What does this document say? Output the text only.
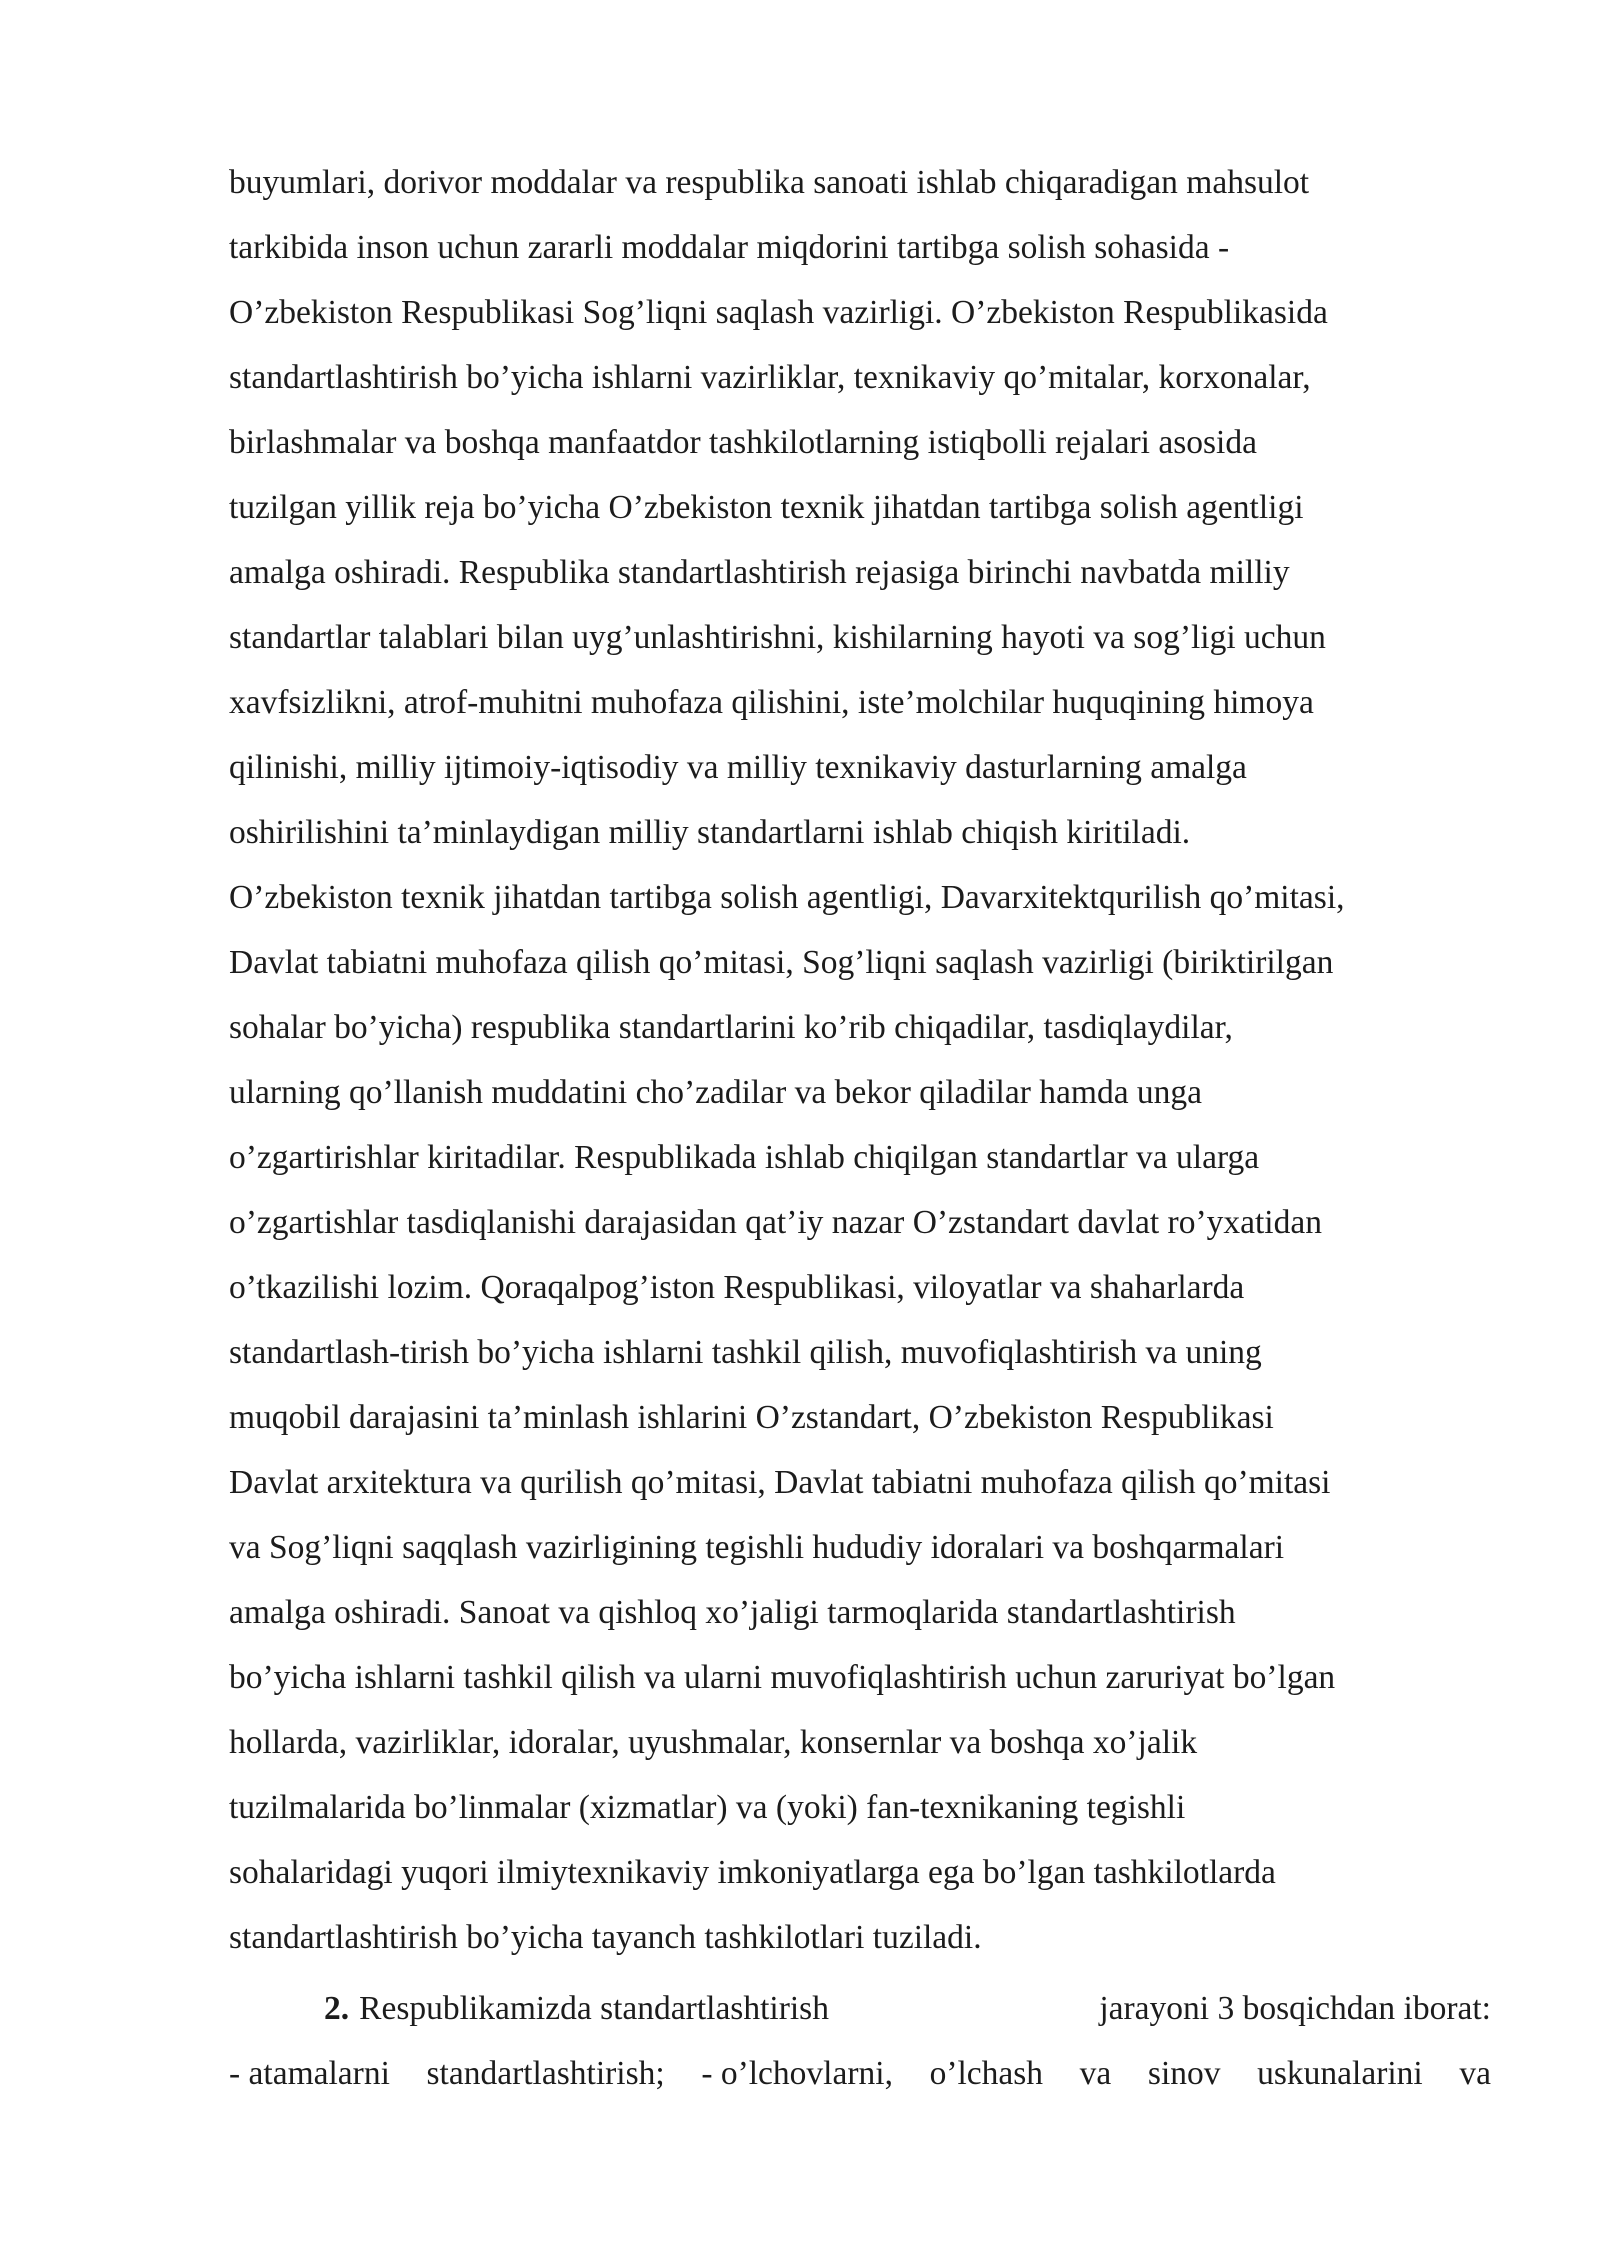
buyumlari, dorivor moddalar va respublika sanoati ishlab chiqaradigan mahsulot
tarkibida inson uchun zararli moddalar miqdorini tartibga solish sohasida -
O’zbekiston Respublikasi Sog’liqni saqlash vazirligi. O’zbekiston Respublikasida
standartlashtirish bo’yicha ishlarni vazirliklar, texnikaviy qo’mitalar, korxonalar,
birlashmalar va boshqa manfaatdor tashkilotlarning istiqbolli rejalari asosida
tuzilgan yillik reja bo’yicha O’zbekiston texnik jihatdan tartibga solish agentligi
amalga oshiradi. Respublika standartlashtirish rejasiga birinchi navbatda milliy
standartlar talablari bilan uyg’unlashtirishni, kishilarning hayoti va sog’ligi uchun
xavfsizlikni, atrof-muhitni muhofaza qilishini, iste’molchilar huquqining himoya
qilinishi, milliy ijtimoiy-iqtisodiy va milliy texnikaviy dasturlarning amalga
oshirilishini ta’minlaydigan milliy standartlarni ishlab chiqish kiritiladi.
O’zbekiston texnik jihatdan tartibga solish agentligi, Davarxitektqurilish qo’mitasi,
Davlat tabiatni muhofaza qilish qo’mitasi, Sog’liqni saqlash vazirligi (biriktirilgan
sohalar bo’yicha) respublika standartlarini ko’rib chiqadilar, tasdiqlaydilar,
ularning qo’llanish muddatini cho’zadilar va bekor qiladilar hamda unga
o’zgartirishlar kiritadilar. Respublikada ishlab chiqilgan standartlar va ularga
o’zgartishlar tasdiqlanishi darajasidan qat’iy nazar O’zstandart davlat ro’yxatidan
o’tkazilishi lozim. Qoraqalpog’iston Respublikasi, viloyatlar va shaharlarda
standartlash-tirish bo’yicha ishlarni tashkil qilish, muvofiqlashtirish va uning
muqobil darajasini ta’minlash ishlarini O’zstandart, O’zbekiston Respublikasi
Davlat arxitektura va qurilish qo’mitasi, Davlat tabiatni muhofaza qilish qo’mitasi
va Sog’liqni saqqlash vazirligining tegishli hududiy idoralari va boshqarmalari
amalga oshiradi. Sanoat va qishloq xo’jaligi tarmoqlarida standartlashtirish
bo’yicha ishlarni tashkil qilish va ularni muvofiqlashtirish uchun zaruriyat bo’lgan
hollarda, vazirliklar, idoralar, uyushmalar, konsernlar va boshqa xo’jalik
tuzilmalarida bo’linmalar (xizmatlar) va (yoki) fan-texnikaning tegishli
sohalaridagi yuqori ilmiytexnikaviy imkoniyatlarga ega bo’lgan tashkilotlarda
standartlashtirish bo’yicha tayanch tashkilotlari tuziladi.
2. Respublikamizda standartlashtirish	jarayoni 3 bosqichdan iborat:
- atamalarni standartlashtirish; - o’lchovlarni, o’lchash va sinov uskunalarini va
